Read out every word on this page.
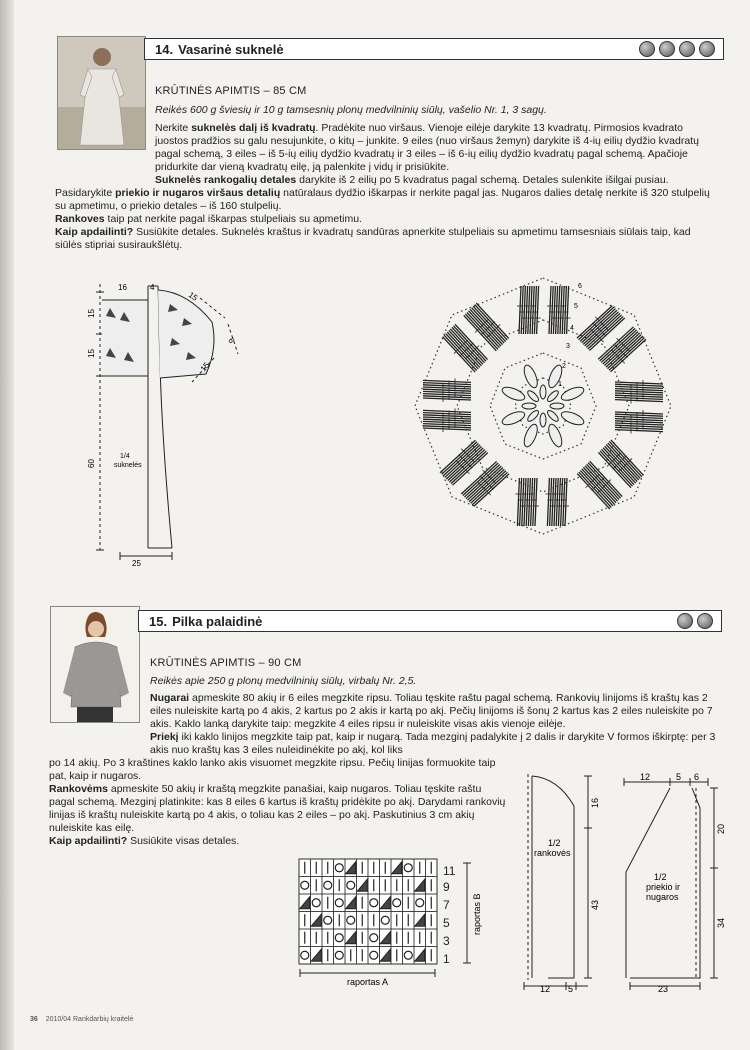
14. Vasarinė suknelė
KRŪTINĖS APIMTIS – 85 CM
Reikės 600 g šviesių ir 10 g tamsesnių plonų medvilninių siūlų, vašelio Nr. 1, 3 sagų.

Nerkite suknelės dalį iš kvadratų. Pradėkite nuo viršaus. Vienoje eilėje darykite 13 kvadratų. Pirmosios kvadrato juostos pradžios su galu nesujunkite, o kitų – junkite. 9 eiles (nuo viršaus žemyn) darykite iš 4-ių eilių dydžio kvadratų pagal schemą, 3 eiles – iš 5-ių eilių dydžio kvadratų ir 3 eiles – iš 6-ių eilių dydžio kvadratų pagal schemą. Apačioje pridurkite dar vieną kvadratų eilę, ją palenkite į vidų ir prisiūkite.

Suknelės rankogalių detales darykite iš 2 eilių po 5 kvadratus pagal schemą. Detales sulenkite išilgai pusiau.

Pasidarykite priekio ir nugaros viršaus detalių natūralaus dydžio iškarpas ir nerkite pagal jas. Nugaros dalies detalę nerkite iš 320 stulpelių su apmetimu, o priekio detales – iš 160 stulpelių.

Rankoves taip pat nerkite pagal iškarpas stulpeliais su apmetimu.

Kaip apdailinti? Susiūkite detales. Suknelės kraštus ir kvadratų sandūras apnerkite stulpeliais su apmetimu tamsesniais siūlais taip, kad siūlės stipriai susiraukšlėtų.

16	4
15
6
15
15
15
60
1/4
suknelės
25
6
5
4
3
2
1
15. Pilka palaidinė
KRŪTINĖS APIMTIS – 90 CM
Reikės apie 250 g plonų medvilninių siūlų, virbalų Nr. 2,5.

Nugarai apmeskite 80 akių ir 6 eiles megzkite ripsu. Toliau tęskite raštu pagal schemą. Rankovių linijoms iš kraštų kas 2 eiles nuleiskite kartą po 4 akis, 2 kartus po 2 akis ir kartą po akį. Pečių linijoms iš šonų 2 kartus kas 2 eiles nuleiskite po 7 akis. Kaklo lanką darykite taip: megzkite 4 eiles ripsu ir nuleiskite visas akis vienoje eilėje.

Priekį iki kaklo linijos megzkite taip pat, kaip ir nugarą. Tada mezginį padalykite į 2 dalis ir darykite V formos iškirptę: per 3 akis nuo kraštų kas 3 eiles nuleidinėkite po akį, kol liks

po 14 akių. Po 3 kraštines kaklo lanko akis visuomet megzkite ripsu. Pečių linijas formuokite taip pat, kaip ir nugaros.

Rankovėms apmeskite 50 akių ir kraštą megzkite panašiai, kaip nugaros. Toliau tęskite raštu pagal schemą. Mezginį platinkite: kas 8 eiles 6 kartus iš kraštų pridėkite po akį. Darydami rankovių linijas iš kraštų nuleiskite kartą po 4 akis, o toliau kas 2 eiles – po akį. Paskutinius 3 cm akių nuleiskite kas eilę.

Kaip apdailinti? Susiūkite visas detales.

11
9
7
5
3
1
raportas B
raportas A
1/2
rankovės
16
43
12 5
12	5 6
1/2
priekio ir
nugaros
20
34
23
36 2010/04 Rankdarbių kraitelė
